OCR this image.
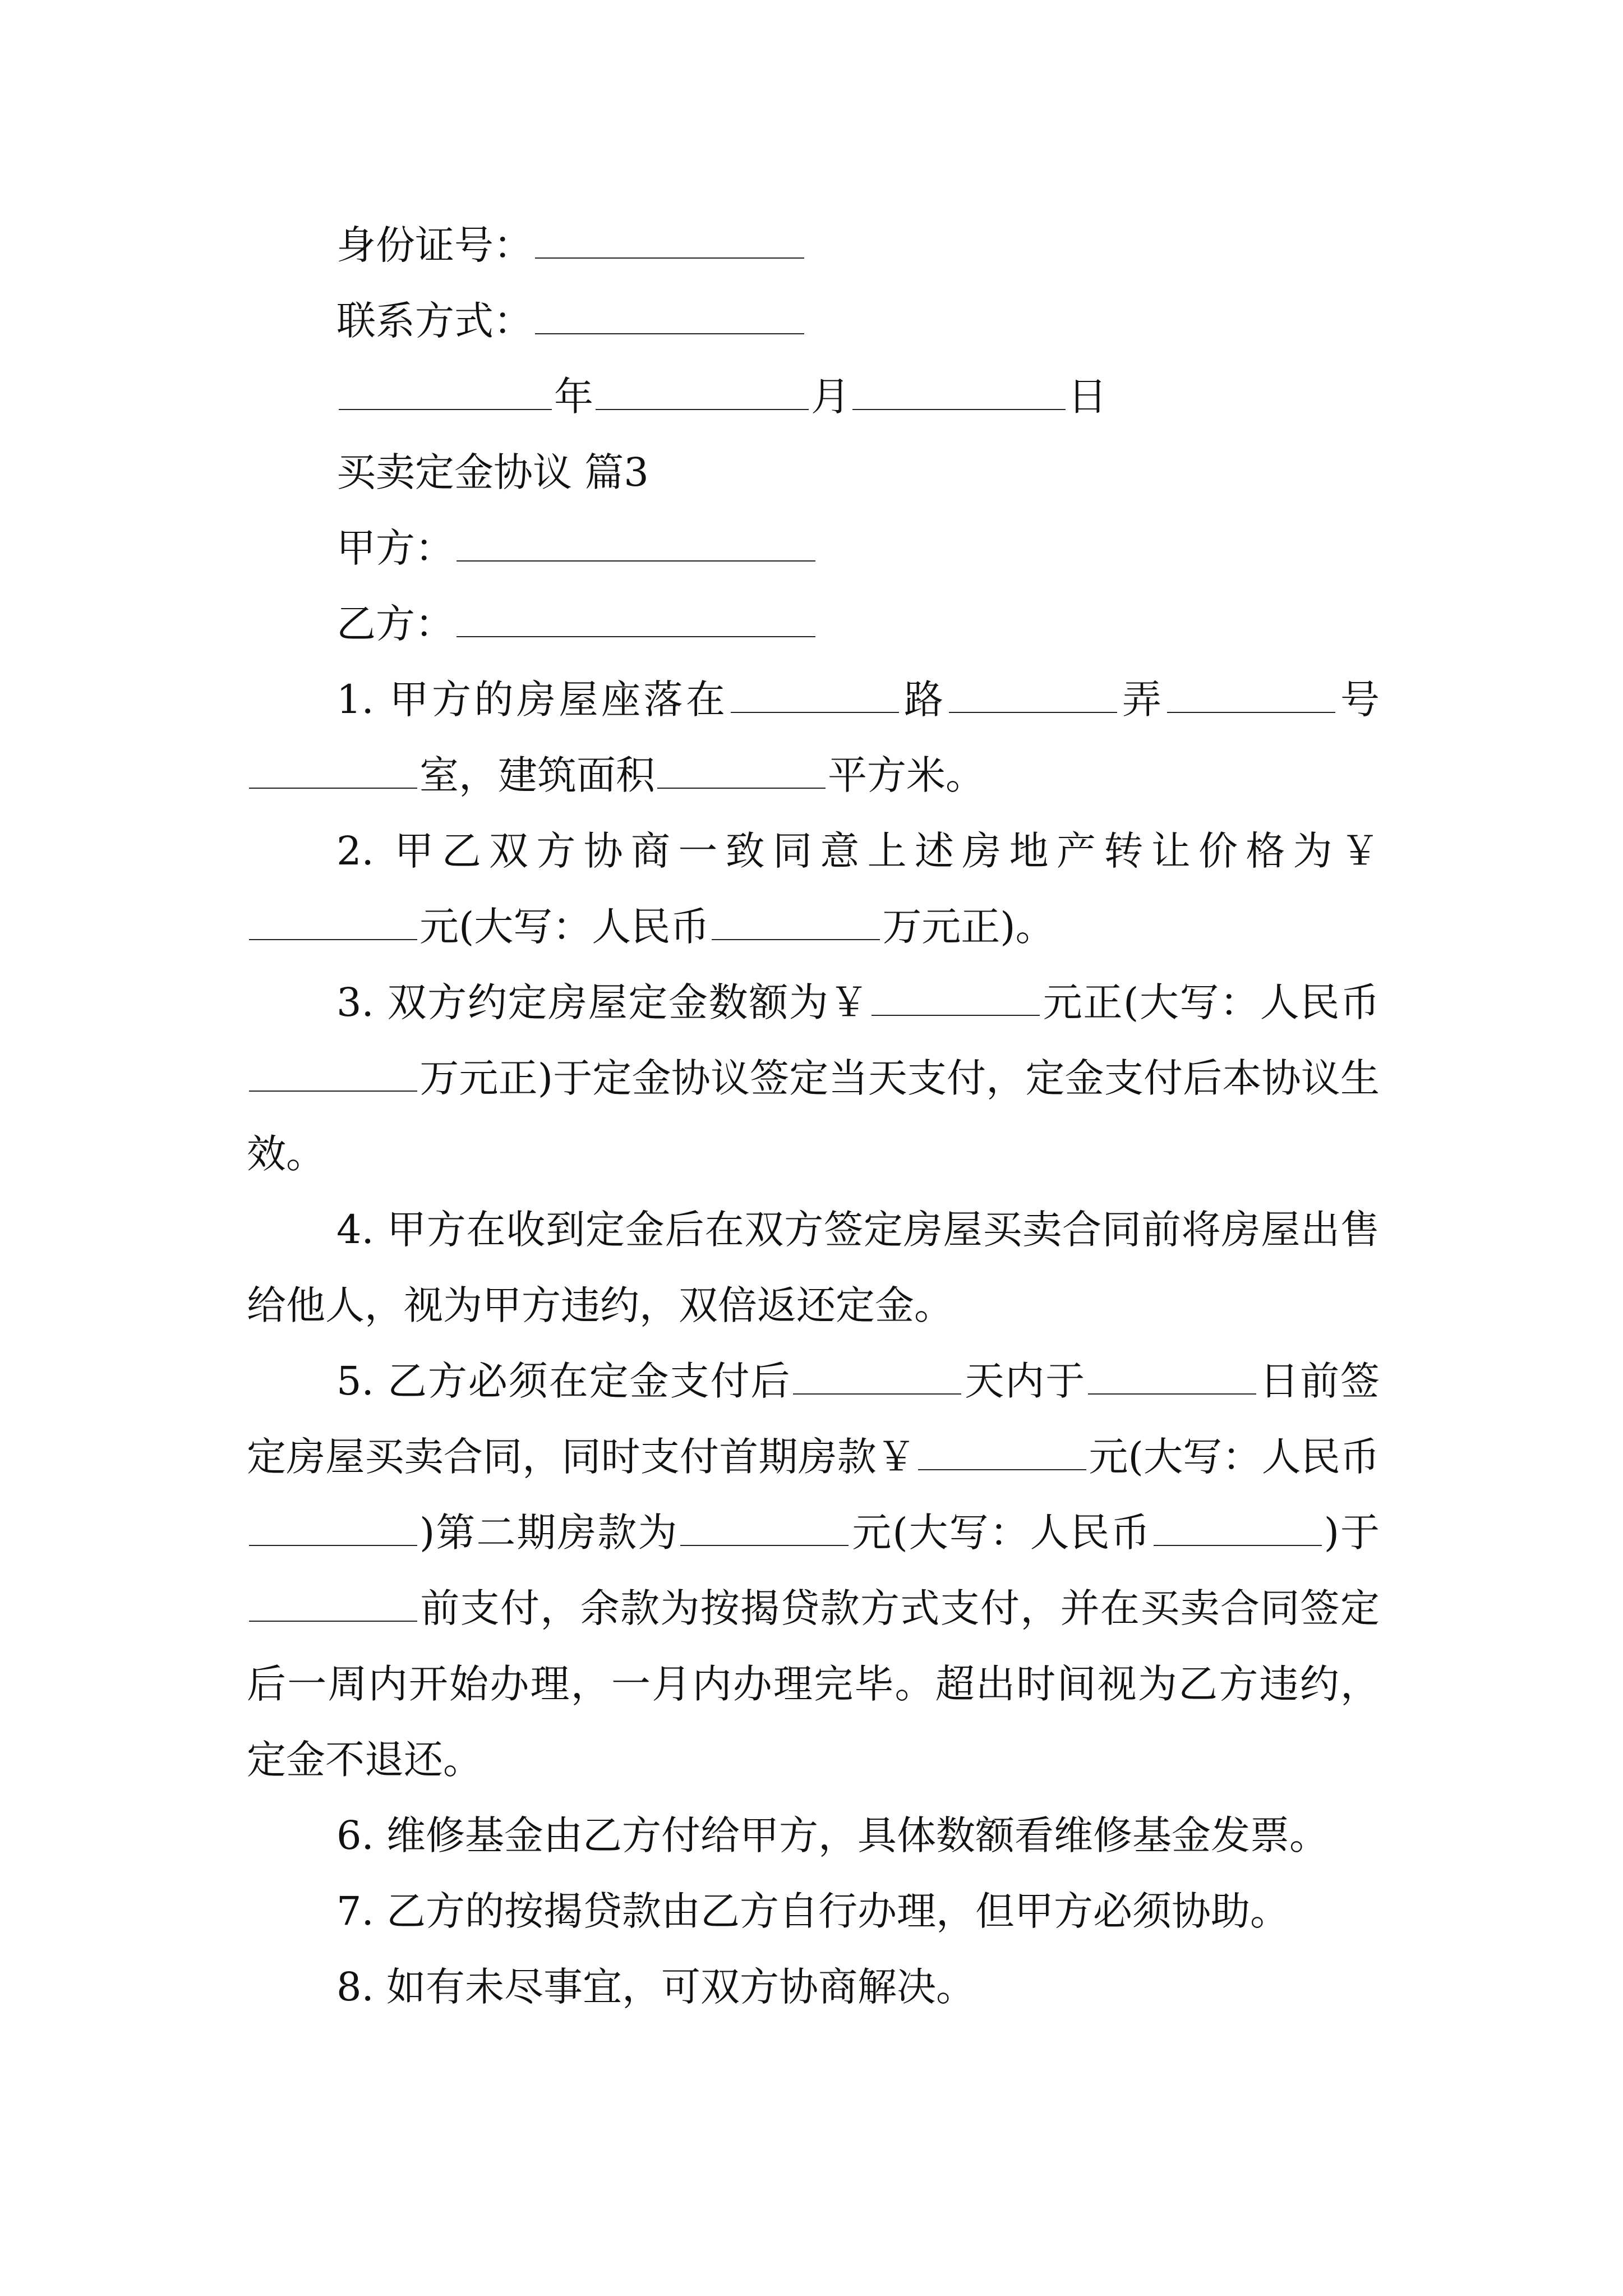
身份证号：
联系方式：
年	月	日
买卖定金协议 篇3
甲方：
乙方：
1. 甲方的房屋座落在	路	弄	号室，建筑面积	平方米。
2. 甲乙双方协商一致同意上述房地产转让价格为￥元(大写：人民币	万元正)。
3. 双方约定房屋定金数额为￥	元正(大写：人民币万元正)于定金协议签定当天支付，定金支付后本协议生效。
4. 甲方在收到定金后在双方签定房屋买卖合同前将房屋出售给他人，视为甲方违约，双倍返还定金。
5. 乙方必须在定金支付后	天内于	日前签定房屋买卖合同，同时支付首期房款￥	元(大写：人民币)第二期房款为	元(大写：人民币	)于前支付，余款为按揭贷款方式支付，并在买卖合同签定后一周内开始办理，一月内办理完毕。超出时间视为乙方违约，定金不退还。
6. 维修基金由乙方付给甲方，具体数额看维修基金发票。
7. 乙方的按揭贷款由乙方自行办理，但甲方必须协助。
8. 如有未尽事宜，可双方协商解决。
